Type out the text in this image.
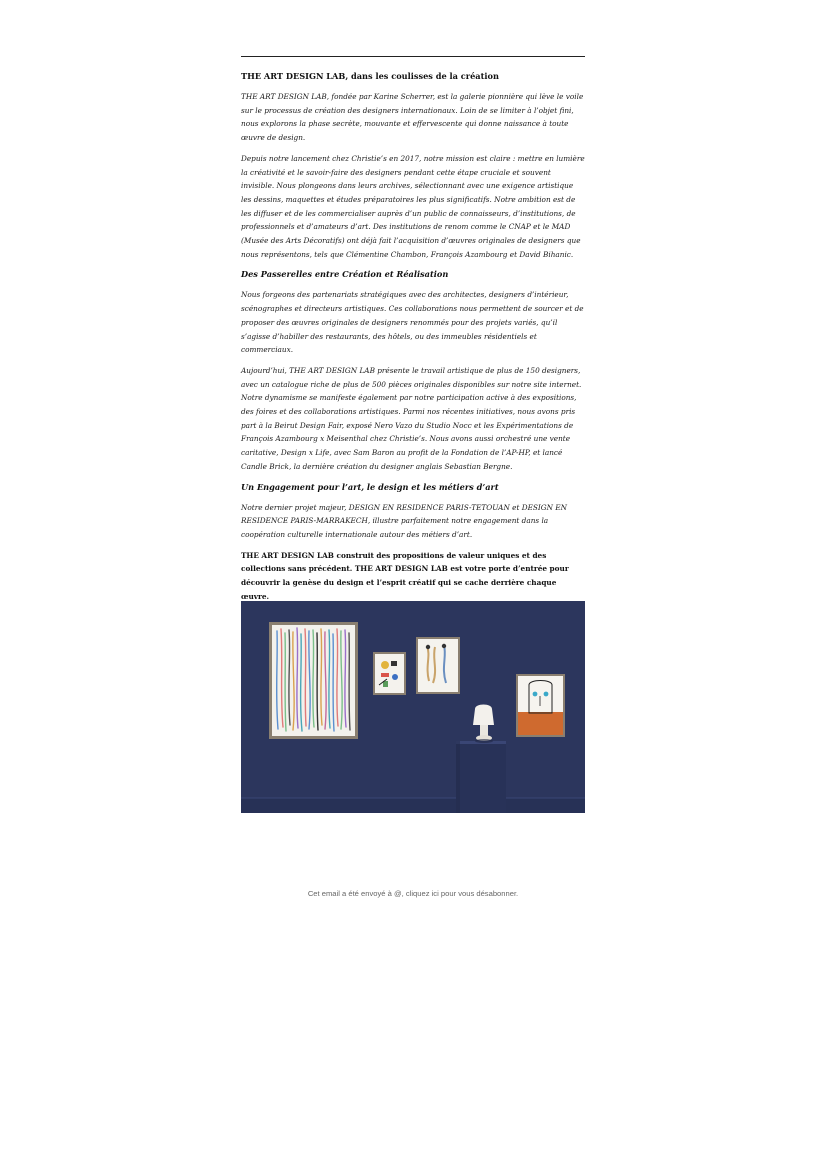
THE ART DESIGN LAB, dans les coulisses de la création
THE ART DESIGN LAB, fondée par Karine Scherrer, est la galerie pionnière qui lève le voile sur le processus de création des designers internationaux. Loin de se limiter à l’objet fini, nous explorons la phase secrète, mouvante et effervescente qui donne naissance à toute œuvre de design.
Depuis notre lancement chez Christie’s en 2017, notre mission est claire : mettre en lumière la créativité et le savoir-faire des designers pendant cette étape cruciale et souvent invisible. Nous plongeons dans leurs archives, sélectionnant avec une exigence artistique les dessins, maquettes et études préparatoires les plus significatifs. Notre ambition est de les diffuser et de les commercialiser auprès d’un public de connaisseurs, d’institutions, de professionnels et d’amateurs d’art. Des institutions de renom comme le CNAP et le MAD (Musée des Arts Décoratifs) ont déjà fait l’acquisition d’œuvres originales de designers que nous représentons, tels que Clémentine Chambon, François Azambourg et David Bihanic.
Des Passerelles entre Création et Réalisation
Nous forgeons des partenariats stratégiques avec des architectes, designers d’intérieur, scénographes et directeurs artistiques. Ces collaborations nous permettent de sourcer et de proposer des œuvres originales de designers renommés pour des projets variés, qu’il s’agisse d’habiller des restaurants, des hôtels, ou des immeubles résidentiels et commerciaux.
Aujourd’hui, THE ART DESIGN LAB présente le travail artistique de plus de 150 designers, avec un catalogue riche de plus de 500 pièces originales disponibles sur notre site internet. Notre dynamisme se manifeste également par notre participation active à des expositions, des foires et des collaborations artistiques. Parmi nos récentes initiatives, nous avons pris part à la Beirut Design Fair, exposé Nero Vazo du Studio Nocc et les Expérimentations de François Azambourg x Meisenthal chez Christie’s. Nous avons aussi orchestré une vente caritative, Design x Life, avec Sam Baron au profit de la Fondation de l’AP-HP, et lancé Candle Brick, la dernière création du designer anglais Sebastian Bergne.
Un Engagement pour l’art, le design et les métiers d’art
Notre dernier projet majeur, DESIGN EN RESIDENCE PARIS-TETOUAN et DESIGN EN RESIDENCE PARIS-MARRAKECH, illustre parfaitement notre engagement dans la coopération culturelle internationale autour des métiers d’art.
THE ART DESIGN LAB construit des propositions de valeur uniques et des collections sans précédent. THE ART DESIGN LAB est votre porte d’entrée pour découvrir la genèse du design et l’esprit créatif qui se cache derrière chaque œuvre.
Cet email a été envoyé à @, cliquez ici pour vous désabonner.
